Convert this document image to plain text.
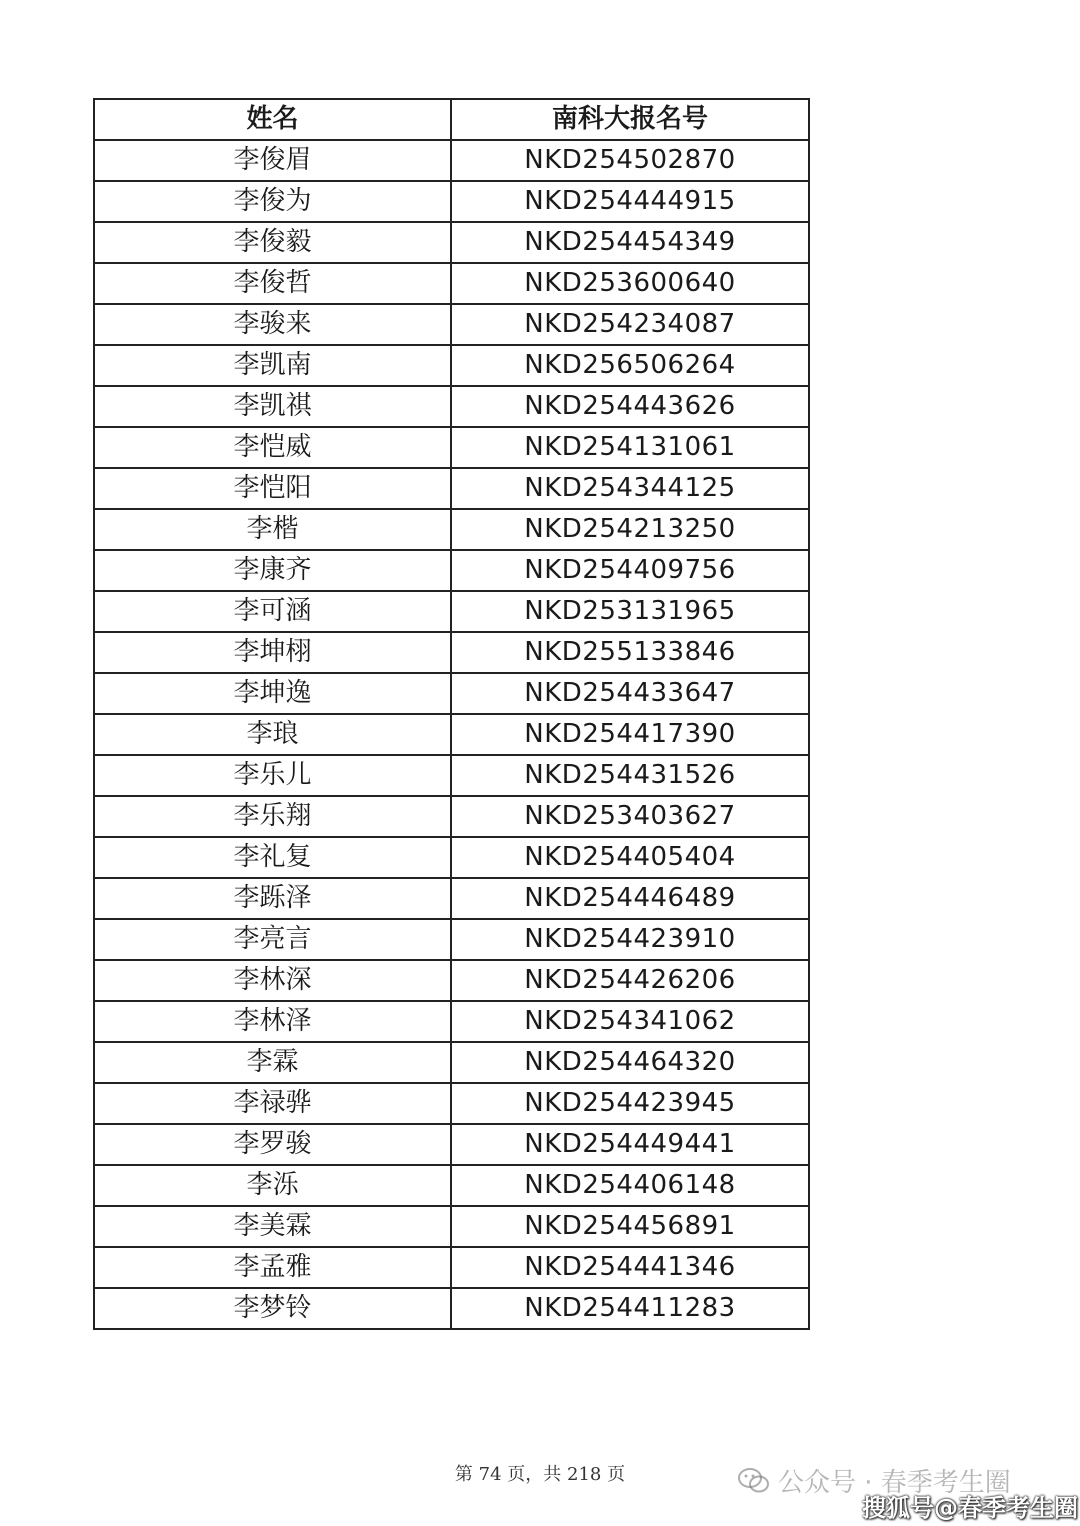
姓名	南科大报名号
李俊眉	NKD254502870
李俊为	NKD254444915
李俊毅	NKD254454349
李俊哲	NKD253600640
李骏来	NKD254234087
李凯南	NKD256506264
李凯祺	NKD254443626
李恺威	NKD254131061
李恺阳	NKD254344125
李楷	NKD254213250
李康齐	NKD254409756
李可涵	NKD253131965
李坤栩	NKD255133846
李坤逸	NKD254433647
李琅	NKD254417390
李乐儿	NKD254431526
李乐翔	NKD253403627
李礼复	NKD254405404
李跞泽	NKD254446489
李亮言	NKD254423910
李林深	NKD254426206
李林泽	NKD254341062
李霖	NKD254464320
李禄骅	NKD254423945
李罗骏	NKD254449441
李泺	NKD254406148
李美霖	NKD254456891
李孟雅	NKD254441346
李梦铃	NKD254411283
第 74 页，共 218 页	公众号 · 春季考生圈
搜狐号@春季考生圈
